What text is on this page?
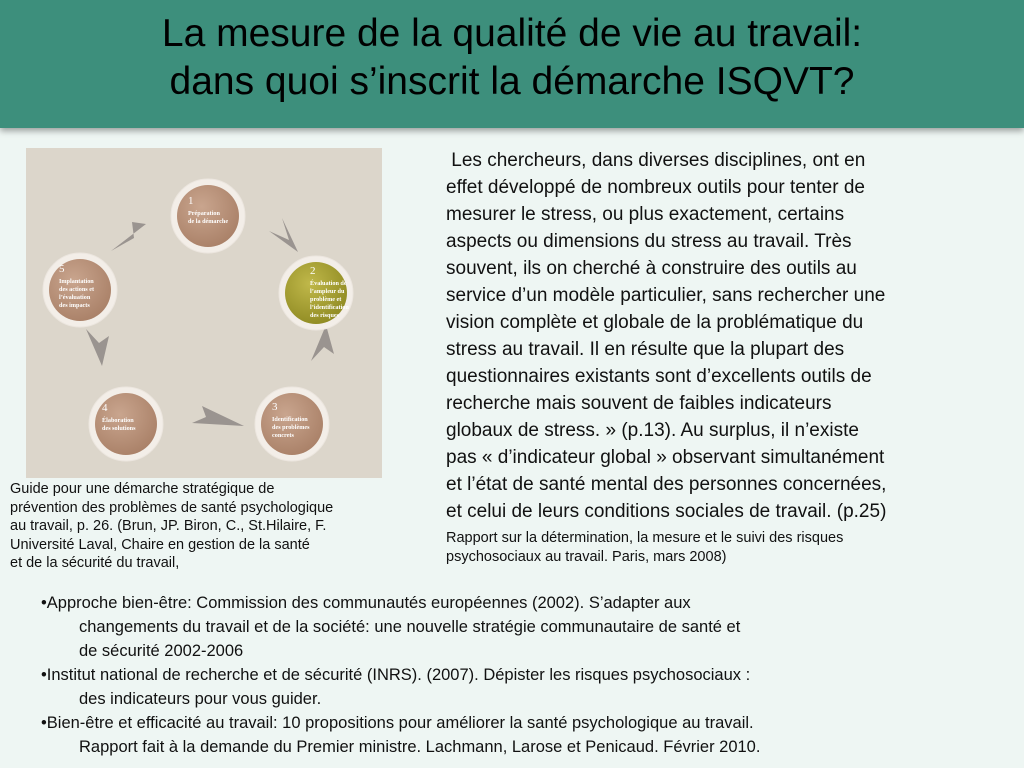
La mesure de la qualité de vie au travail:
dans quoi s’inscrit la démarche ISQVT?
1
Préparation
de la démarche
2
Évaluation de
l’ampleur du
problème et
l’identification
des risques
3
Identification
des problèmes
concrets
4
Élaboration
des solutions
5
Implantation
des actions et
l’évaluation
des impacts
Guide pour une démarche stratégique de
prévention des problèmes de santé psychologique
au travail, p. 26. (Brun, JP. Biron, C., St.Hilaire, F.
Université Laval, Chaire en gestion de la santé
et de la sécurité du travail,
Les chercheurs, dans diverses disciplines, ont en
effet développé de nombreux outils pour tenter de
mesurer le stress, ou plus exactement, certains
aspects ou dimensions du stress au travail. Très
souvent, ils on cherché à construire des outils au
service d’un modèle particulier, sans rechercher une
vision complète et globale de la problématique du
stress au travail. Il en résulte que la plupart des
questionnaires existants sont d’excellents outils de
recherche mais souvent de faibles indicateurs
globaux de stress. » (p.13). Au surplus, il n’existe
pas « d’indicateur global » observant simultanément
et l’état de santé mental des personnes concernées,
et celui de leurs conditions sociales de travail. (p.25)
Rapport sur la détermination, la mesure et le suivi des risques
psychosociaux au travail. Paris, mars 2008)
•Approche bien-être: Commission des communautés européennes (2002). S’adapter aux
changements du travail et de la société: une nouvelle stratégie communautaire de santé et
de sécurité 2002-2006
•Institut national de recherche et de sécurité (INRS). (2007). Dépister les risques psychosociaux :
des indicateurs pour vous guider.
•Bien-être et efficacité au travail: 10 propositions pour améliorer la santé psychologique au travail.
Rapport fait à la demande du Premier ministre. Lachmann, Larose et Penicaud. Février 2010.
